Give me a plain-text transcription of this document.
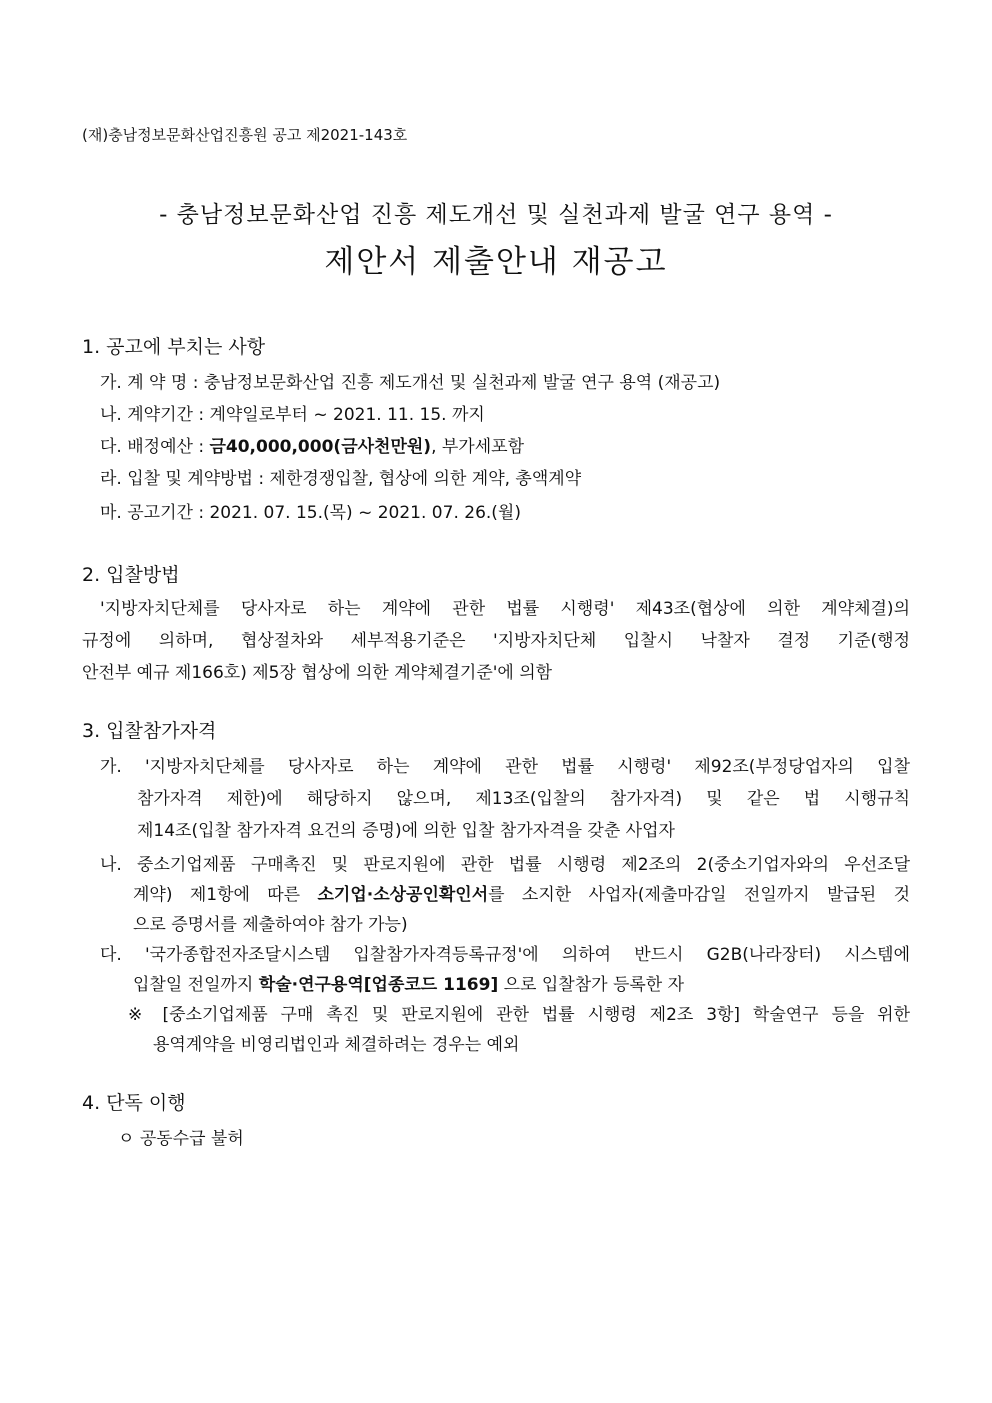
(재)충남정보문화산업진흥원 공고 제2021-143호
- 충남정보문화산업 진흥 제도개선 및 실천과제 발굴 연구 용역 -
제안서 제출안내 재공고
1. 공고에 부치는 사항
가. 계 약 명 : 충남정보문화산업 진흥 제도개선 및 실천과제 발굴 연구 용역 (재공고)
나. 계약기간 : 계약일로부터 ~ 2021. 11. 15. 까지
다. 배정예산 : 금40,000,000(금사천만원), 부가세포함
라. 입찰 및 계약방법 : 제한경쟁입찰, 협상에 의한 계약, 총액계약
마. 공고기간 : 2021. 07. 15.(목) ~ 2021. 07. 26.(월)
2. 입찰방법
'지방자치단체를 당사자로 하는 계약에 관한 법률 시행령' 제43조(협상에 의한 계약체결)의
규정에 의하며, 협상절차와 세부적용기준은 '지방자치단체 입찰시 낙찰자 결정 기준(행정
안전부 예규 제166호) 제5장 협상에 의한 계약체결기준'에 의함
3. 입찰참가자격
가. '지방자치단체를 당사자로 하는 계약에 관한 법률 시행령' 제92조(부정당업자의 입찰
참가자격 제한)에 해당하지 않으며, 제13조(입찰의 참가자격) 및 같은 법 시행규칙
제14조(입찰 참가자격 요건의 증명)에 의한 입찰 참가자격을 갖춘 사업자
나. 중소기업제품 구매촉진 및 판로지원에 관한 법률 시행령 제2조의 2(중소기업자와의 우선조달
계약) 제1항에 따른 소기업·소상공인확인서를 소지한 사업자(제출마감일 전일까지 발급된 것
으로 증명서를 제출하여야 참가 가능)
다. '국가종합전자조달시스템 입찰참가자격등록규정'에 의하여 반드시 G2B(나라장터) 시스템에
입찰일 전일까지 학술·연구용역[업종코드 1169] 으로 입찰참가 등록한 자
※ [중소기업제품 구매 촉진 및 판로지원에 관한 법률 시행령 제2조 3항] 학술연구 등을 위한
용역계약을 비영리법인과 체결하려는 경우는 예외
4. 단독 이행
ㅇ 공동수급 불허
